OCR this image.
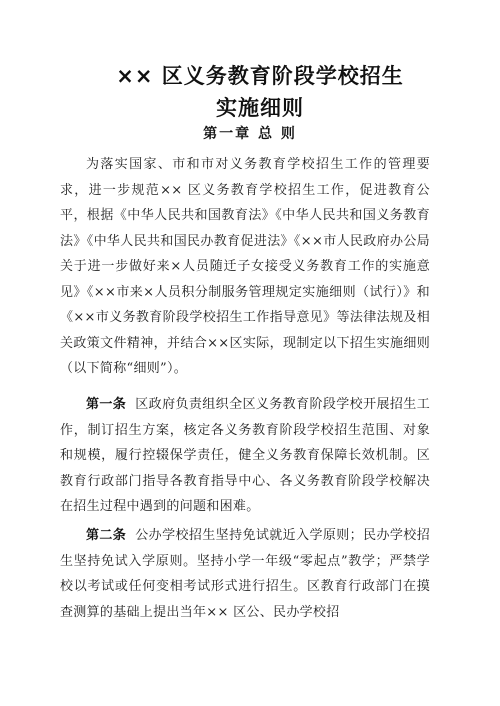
×× 区义务教育阶段学校招生实施细则
第一章 总 则

为落实国家、市和市对义务教育学校招生工作的管理要求，进一步规范×× 区义务教育学校招生工作，促进教育公平，根据《中华人民共和国教育法》《中华人民共和国义务教育法》《中华人民共和国民办教育促进法》《××市人民政府办公局关于进一步做好来×人员随迁子女接受义务教育工作的实施意见》《××市来×人员积分制服务管理规定实施细则（试行）》和《××市义务教育阶段学校招生工作指导意见》等法律法规及相关政策文件精神，并结合××区实际，现制定以下招生实施细则（以下简称“细则”）。

第一条 区政府负责组织全区义务教育阶段学校开展招生工作，制订招生方案，核定各义务教育阶段学校招生范围、对象和规模，履行控辍保学责任，健全义务教育保障长效机制。区教育行政部门指导各教育指导中心、各义务教育阶段学校解决在招生过程中遇到的问题和困难。

第二条 公办学校招生坚持免试就近入学原则；民办学校招生坚持免试入学原则。坚持小学一年级“零起点”教学；严禁学校以考试或任何变相考试形式进行招生。区教育行政部门在摸查测算的基础上提出当年×× 区公、民办学校招
